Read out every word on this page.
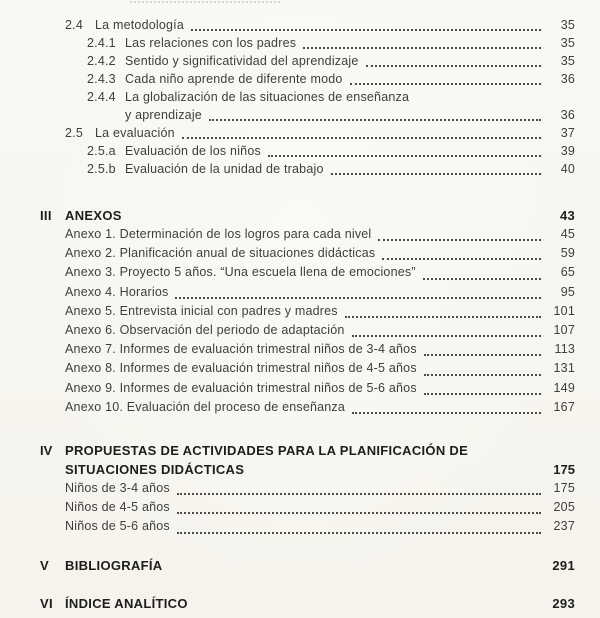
2.4 La metodología	35
2.4.1 Las relaciones con los padres	35
2.4.2 Sentido y significatividad del aprendizaje	35
2.4.3 Cada niño aprende de diferente modo	36
2.4.4 La globalización de las situaciones de enseñanza
y aprendizaje	36
2.5 La evaluación	37
2.5.a Evaluación de los niños	39
2.5.b Evaluación de la unidad de trabajo	40
III	ANEXOS	43
Anexo 1. Determinación de los logros para cada nivel	45
Anexo 2. Planificación anual de situaciones didácticas	59
Anexo 3. Proyecto 5 años. “Una escuela llena de emociones”	65
Anexo 4. Horarios	95
Anexo 5. Entrevista inicial con padres y madres	101
Anexo 6. Observación del periodo de adaptación	107
Anexo 7. Informes de evaluación trimestral niños de 3-4 años	113
Anexo 8. Informes de evaluación trimestral niños de 4-5 años	131
Anexo 9. Informes de evaluación trimestral niños de 5-6 años	149
Anexo 10. Evaluación del proceso de enseñanza	167
IV PROPUESTAS DE ACTIVIDADES PARA LA PLANIFICACIÓN DE
SITUACIONES DIDÁCTICAS	175
Niños de 3-4 años	175
Niños de 4-5 años	205
Niños de 5-6 años	237
V	BIBLIOGRAFÍA	291
VI ÍNDICE ANALÍTICO	293
